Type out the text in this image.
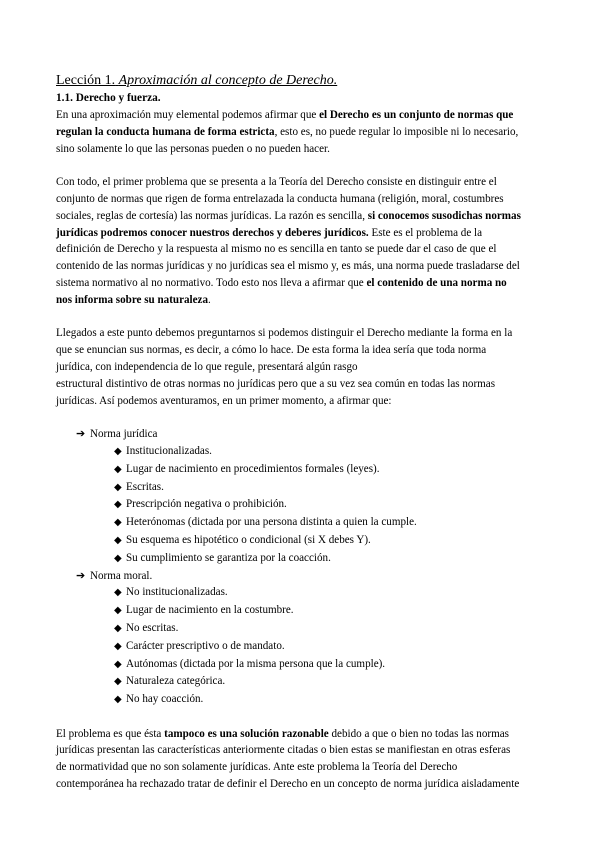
Lección 1. Aproximación al concepto de Derecho.

1.1. Derecho y fuerza.

En una aproximación muy elemental podemos afirmar que el Derecho es un conjunto de normas que
regulan la conducta humana de forma estricta, esto es, no puede regular lo imposible ni lo necesario,
sino solamente lo que las personas pueden o no pueden hacer.

Con todo, el primer problema que se presenta a la Teoría del Derecho consiste en distinguir entre el
conjunto de normas que rigen de forma entrelazada la conducta humana (religión, moral, costumbres
sociales, reglas de cortesía) las normas jurídicas. La razón es sencilla, si conocemos susodichas normas
jurídicas podremos conocer nuestros derechos y deberes jurídicos. Este es el problema de la
definición de Derecho y la respuesta al mismo no es sencilla en tanto se puede dar el caso de que el
contenido de las normas jurídicas y no jurídicas sea el mismo y, es más, una norma puede trasladarse del
sistema normativo al no normativo. Todo esto nos lleva a afirmar que el contenido de una norma no
nos informa sobre su naturaleza.

Llegados a este punto debemos preguntarnos si podemos distinguir el Derecho mediante la forma en la
que se enuncian sus normas, es decir, a cómo lo hace. De esta forma la idea sería que toda norma
jurídica, con independencia de lo que regule, presentará algún rasgo
estructural distintivo de otras normas no jurídicas pero que a su vez sea común en todas las normas
jurídicas. Así podemos aventuramos, en un primer momento, a afirmar que:

➔ Norma jurídica
◆ Institucionalizadas.
◆ Lugar de nacimiento en procedimientos formales (leyes).
◆ Escritas.
◆ Prescripción negativa o prohibición.
◆ Heterónomas (dictada por una persona distinta a quien la cumple.
◆ Su esquema es hipotético o condicional (si X debes Y).
◆ Su cumplimiento se garantiza por la coacción.
➔ Norma moral.
◆ No institucionalizadas.
◆ Lugar de nacimiento en la costumbre.
◆ No escritas.
◆ Carácter prescriptivo o de mandato.
◆ Autónomas (dictada por la misma persona que la cumple).
◆ Naturaleza categórica.
◆ No hay coacción.

El problema es que ésta tampoco es una solución razonable debido a que o bien no todas las normas
jurídicas presentan las características anteriormente citadas o bien estas se manifiestan en otras esferas
de normatividad que no son solamente jurídicas. Ante este problema la Teoría del Derecho
contemporánea ha rechazado tratar de definir el Derecho en un concepto de norma jurídica aisladamente
